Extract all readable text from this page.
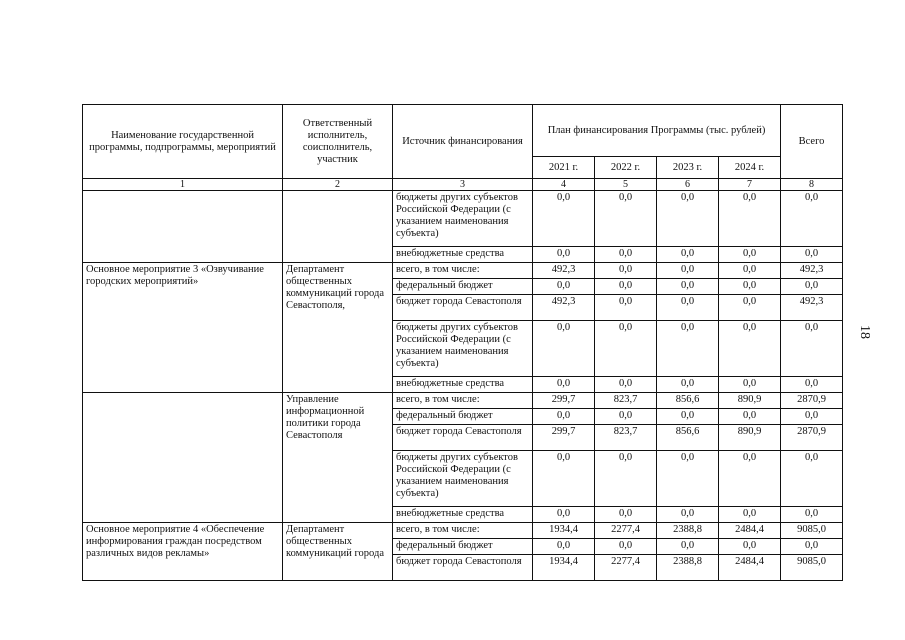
Наименование государственной программы, подпрограммы, мероприятий	Ответственный исполнитель, соисполнитель, участник	Источник финансирования	План финансирования Программы (тыс. рублей)				Всего
			2021 г.	2022 г.	2023 г.	2024 г.	
1	2	3	4	5	6	7	8
		бюджеты других субъектов Российской Федерации (с указанием наименования субъекта)	0,0	0,0	0,0	0,0	0,0
		внебюджетные средства	0,0	0,0	0,0	0,0	0,0
Основное мероприятие 3 «Озвучивание городских мероприятий»	Департамент общественных коммуникаций города Севастополя,	всего, в том числе:	492,3	0,0	0,0	0,0	492,3
		федеральный бюджет	0,0	0,0	0,0	0,0	0,0
		бюджет города Севастополя	492,3	0,0	0,0	0,0	492,3
		бюджеты других субъектов Российской Федерации (с указанием наименования субъекта)	0,0	0,0	0,0	0,0	0,0
		внебюджетные средства	0,0	0,0	0,0	0,0	0,0
	Управление информационной политики города Севастополя	всего, в том числе:	299,7	823,7	856,6	890,9	2870,9
		федеральный бюджет	0,0	0,0	0,0	0,0	0,0
		бюджет города Севастополя	299,7	823,7	856,6	890,9	2870,9
		бюджеты других субъектов Российской Федерации (с указанием наименования субъекта)	0,0	0,0	0,0	0,0	0,0
		внебюджетные средства	0,0	0,0	0,0	0,0	0,0
Основное мероприятие 4 «Обеспечение информирования граждан посредством различных видов рекламы»	Департамент общественных коммуникаций города	всего, в том числе:	1934,4	2277,4	2388,8	2484,4	9085,0
		федеральный бюджет	0,0	0,0	0,0	0,0	0,0
		бюджет города Севастополя	1934,4	2277,4	2388,8	2484,4	9085,0
18
